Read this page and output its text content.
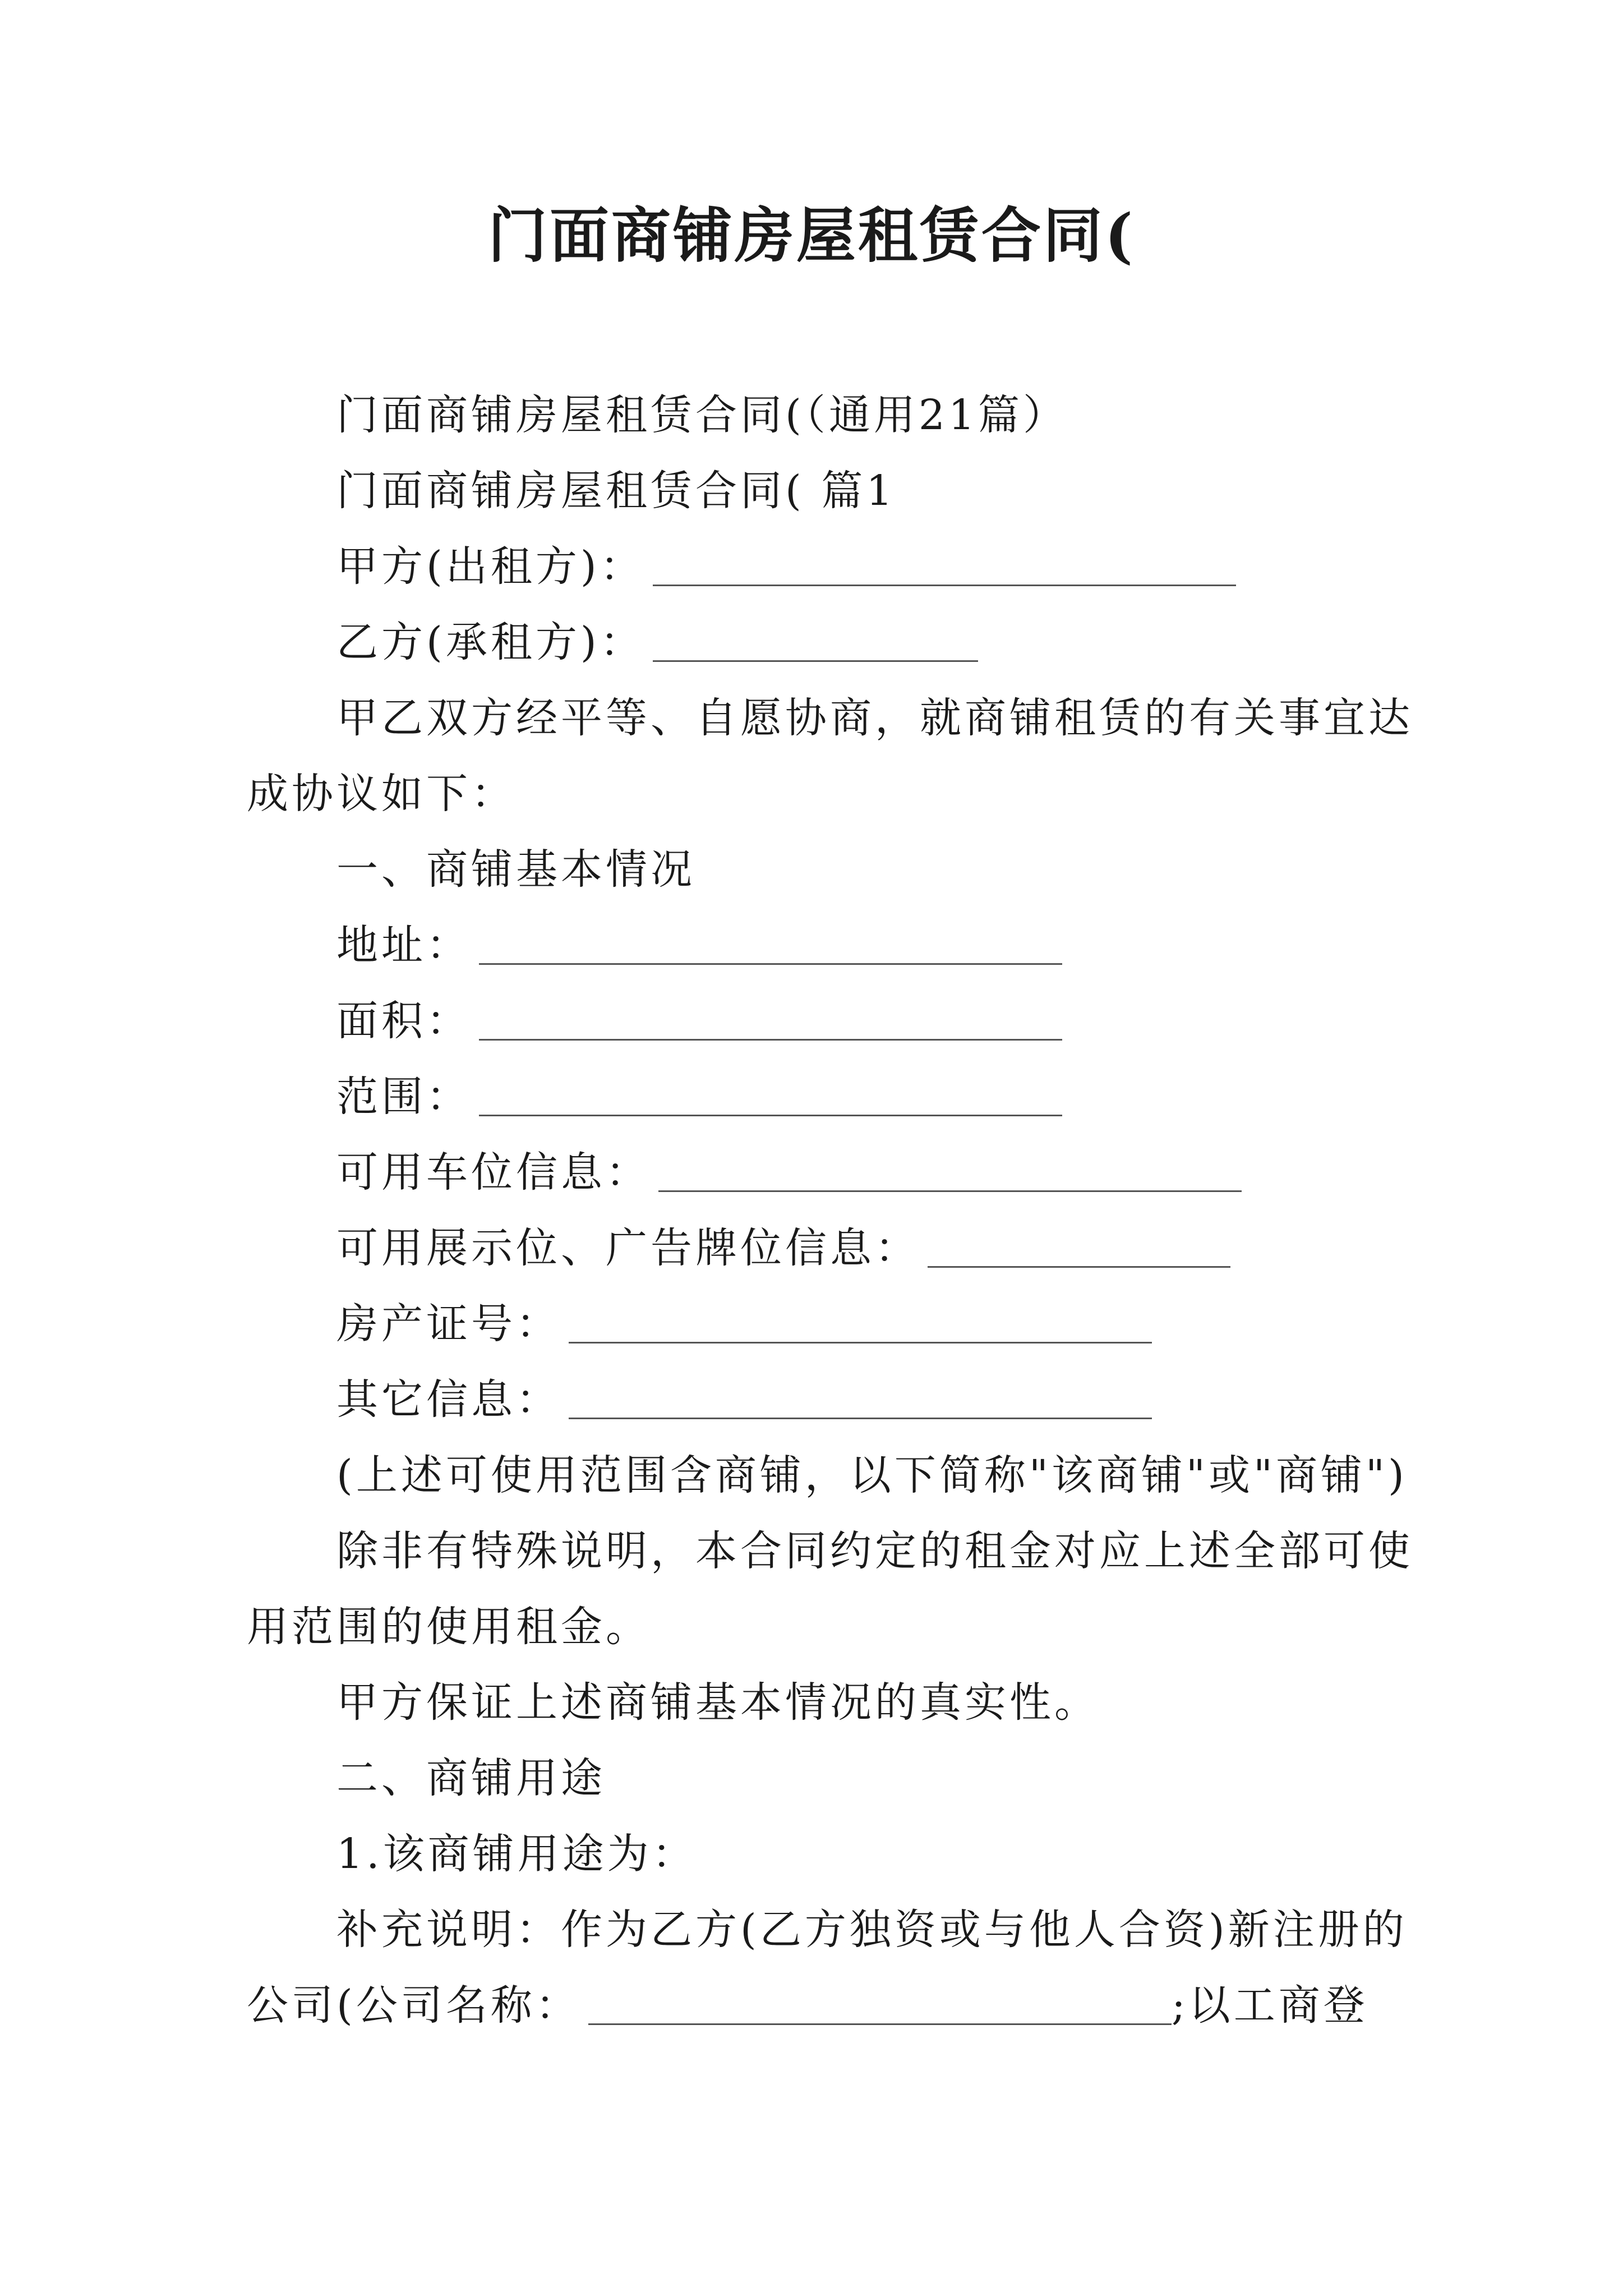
门面商铺房屋租赁合同(
门面商铺房屋租赁合同(（通用21篇）
门面商铺房屋租赁合同( 篇1
甲方(出租方)：
乙方(承租方)：
甲乙双方经平等、自愿协商，就商铺租赁的有关事宜达
成协议如下：
一、商铺基本情况
地址：
面积：
范围：
可用车位信息：
可用展示位、广告牌位信息：
房产证号：
其它信息：
(上述可使用范围含商铺，以下简称"该商铺"或"商铺")
除非有特殊说明，本合同约定的租金对应上述全部可使
用范围的使用租金。
甲方保证上述商铺基本情况的真实性。
二、商铺用途
1.该商铺用途为：
补充说明：作为乙方(乙方独资或与他人合资)新注册的
公司(公司名称：	;以工商登
